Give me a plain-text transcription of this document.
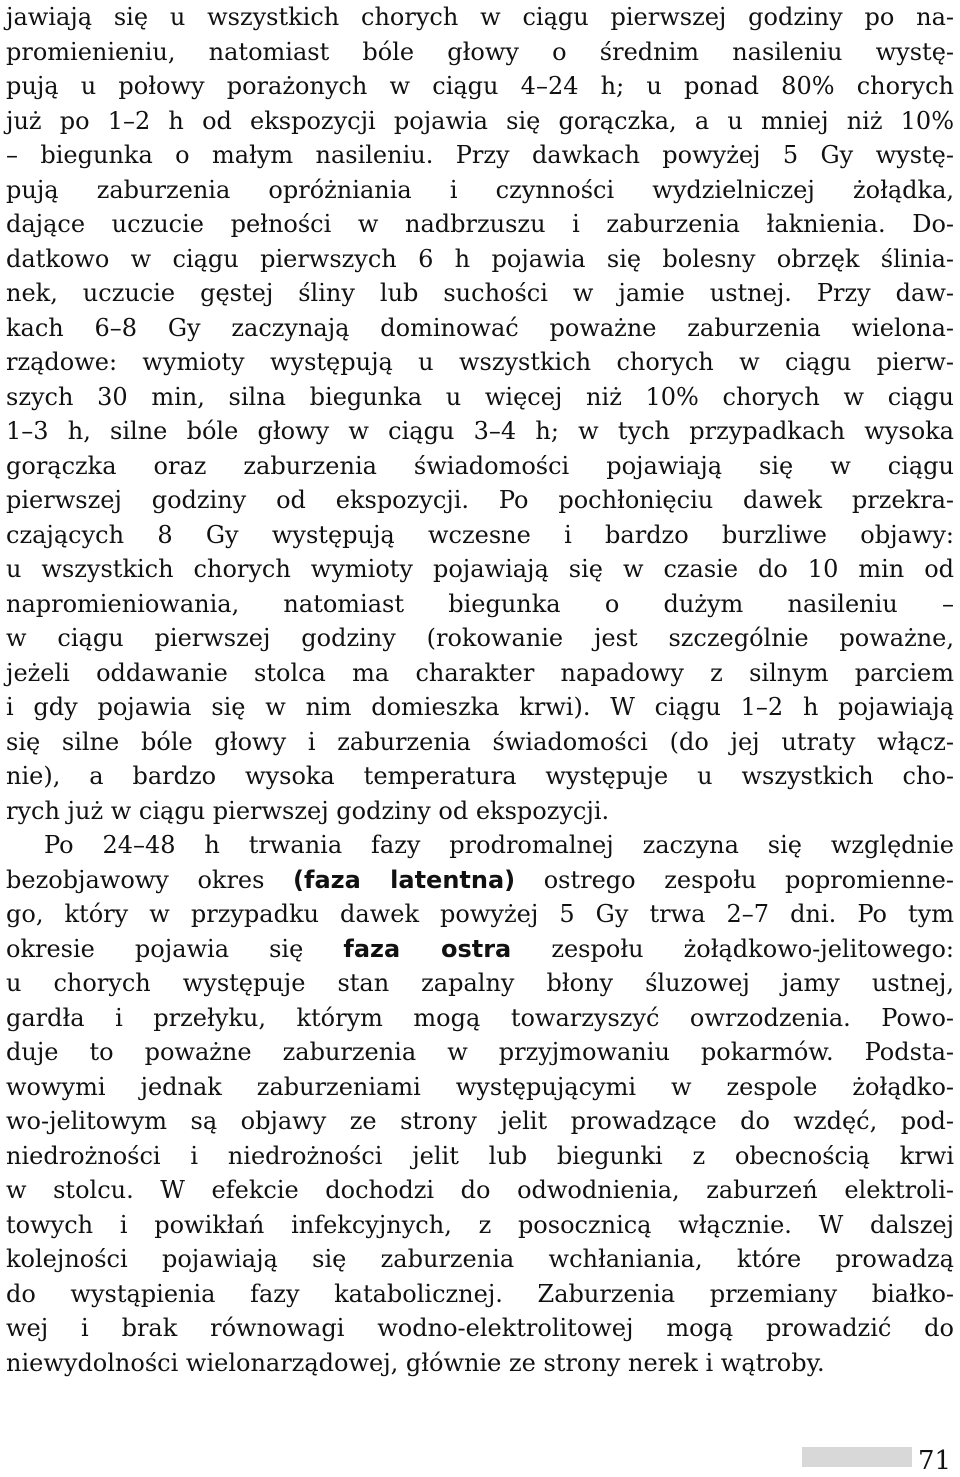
jawiają się u wszystkich chorych w ciągu pierwszej godziny po na-
promienieniu, natomiast bóle głowy o średnim nasileniu wystę-
pują u połowy porażonych w ciągu 4–24 h; u ponad 80% chorych
już po 1–2 h od ekspozycji pojawia się gorączka, a u mniej niż 10%
– biegunka o małym nasileniu. Przy dawkach powyżej 5 Gy wystę-
pują zaburzenia opróżniania i czynności wydzielniczej żołądka,
dające uczucie pełności w nadbrzuszu i zaburzenia łaknienia. Do-
datkowo w ciągu pierwszych 6 h pojawia się bolesny obrzęk ślinia-
nek, uczucie gęstej śliny lub suchości w jamie ustnej. Przy daw-
kach 6–8 Gy zaczynają dominować poważne zaburzenia wielona-
rządowe: wymioty występują u wszystkich chorych w ciągu pierw-
szych 30 min, silna biegunka u więcej niż 10% chorych w ciągu
1–3 h, silne bóle głowy w ciągu 3–4 h; w tych przypadkach wysoka
gorączka oraz zaburzenia świadomości pojawiają się w ciągu
pierwszej godziny od ekspozycji. Po pochłonięciu dawek przekra-
czających 8 Gy występują wczesne i bardzo burzliwe objawy:
u wszystkich chorych wymioty pojawiają się w czasie do 10 min od
napromieniowania, natomiast biegunka o dużym nasileniu –
w ciągu pierwszej godziny (rokowanie jest szczególnie poważne,
jeżeli oddawanie stolca ma charakter napadowy z silnym parciem
i gdy pojawia się w nim domieszka krwi). W ciągu 1–2 h pojawiają
się silne bóle głowy i zaburzenia świadomości (do jej utraty włącz-
nie), a bardzo wysoka temperatura występuje u wszystkich cho-
rych już w ciągu pierwszej godziny od ekspozycji.
Po 24–48 h trwania fazy prodromalnej zaczyna się względnie
bezobjawowy okres (faza latentna) ostrego zespołu popromienne-
go, który w przypadku dawek powyżej 5 Gy trwa 2–7 dni. Po tym
okresie pojawia się faza ostra zespołu żołądkowo-jelitowego:
u chorych występuje stan zapalny błony śluzowej jamy ustnej,
gardła i przełyku, którym mogą towarzyszyć owrzodzenia. Powo-
duje to poważne zaburzenia w przyjmowaniu pokarmów. Podsta-
wowymi jednak zaburzeniami występującymi w zespole żołądko-
wo-jelitowym są objawy ze strony jelit prowadzące do wzdęć, pod-
niedrożności i niedrożności jelit lub biegunki z obecnością krwi
w stolcu. W efekcie dochodzi do odwodnienia, zaburzeń elektroli-
towych i powikłań infekcyjnych, z posocznicą włącznie. W dalszej
kolejności pojawiają się zaburzenia wchłaniania, które prowadzą
do wystąpienia fazy katabolicznej. Zaburzenia przemiany białko-
wej i brak równowagi wodno-elektrolitowej mogą prowadzić do
niewydolności wielonarządowej, głównie ze strony nerek i wątroby.
71
